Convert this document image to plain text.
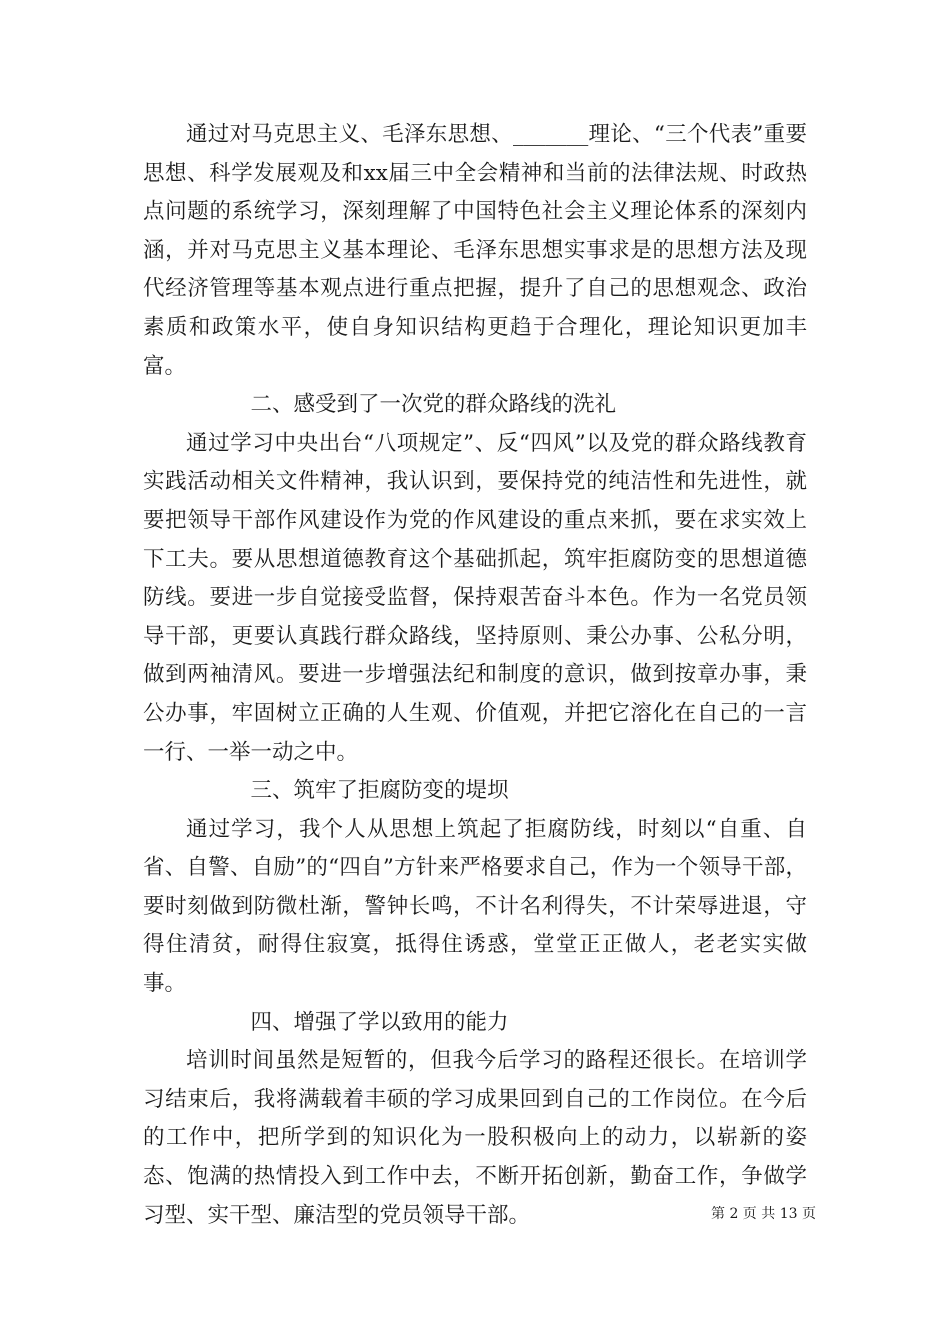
通过对马克思主义、毛泽东思想、_______理论、“三个代表”重要思想、科学发展观及和xx届三中全会精神和当前的法律法规、时政热点问题的系统学习，深刻理解了中国特色社会主义理论体系的深刻内涵，并对马克思主义基本理论、毛泽东思想实事求是的思想方法及现代经济管理等基本观点进行重点把握，提升了自己的思想观念、政治素质和政策水平，使自身知识结构更趋于合理化，理论知识更加丰富。

二、感受到了一次党的群众路线的洗礼

通过学习中央出台“八项规定”、反“四风”以及党的群众路线教育实践活动相关文件精神，我认识到，要保持党的纯洁性和先进性，就要把领导干部作风建设作为党的作风建设的重点来抓，要在求实效上下工夫。要从思想道德教育这个基础抓起，筑牢拒腐防变的思想道德防线。要进一步自觉接受监督，保持艰苦奋斗本色。作为一名党员领导干部，更要认真践行群众路线，坚持原则、秉公办事、公私分明，做到两袖清风。要进一步增强法纪和制度的意识，做到按章办事，秉公办事，牢固树立正确的人生观、价值观，并把它溶化在自己的一言一行、一举一动之中。

三、筑牢了拒腐防变的堤坝

通过学习，我个人从思想上筑起了拒腐防线，时刻以“自重、自省、自警、自励”的“四自”方针来严格要求自己，作为一个领导干部，要时刻做到防微杜渐，警钟长鸣，不计名利得失，不计荣辱进退，守得住清贫，耐得住寂寞，抵得住诱惑，堂堂正正做人，老老实实做事。

四、增强了学以致用的能力

培训时间虽然是短暂的，但我今后学习的路程还很长。在培训学习结束后，我将满载着丰硕的学习成果回到自己的工作岗位。在今后的工作中，把所学到的知识化为一股积极向上的动力，以崭新的姿态、饱满的热情投入到工作中去，不断开拓创新，勤奋工作，争做学习型、实干型、廉洁型的党员领导干部。	第 2 页 共 13 页
